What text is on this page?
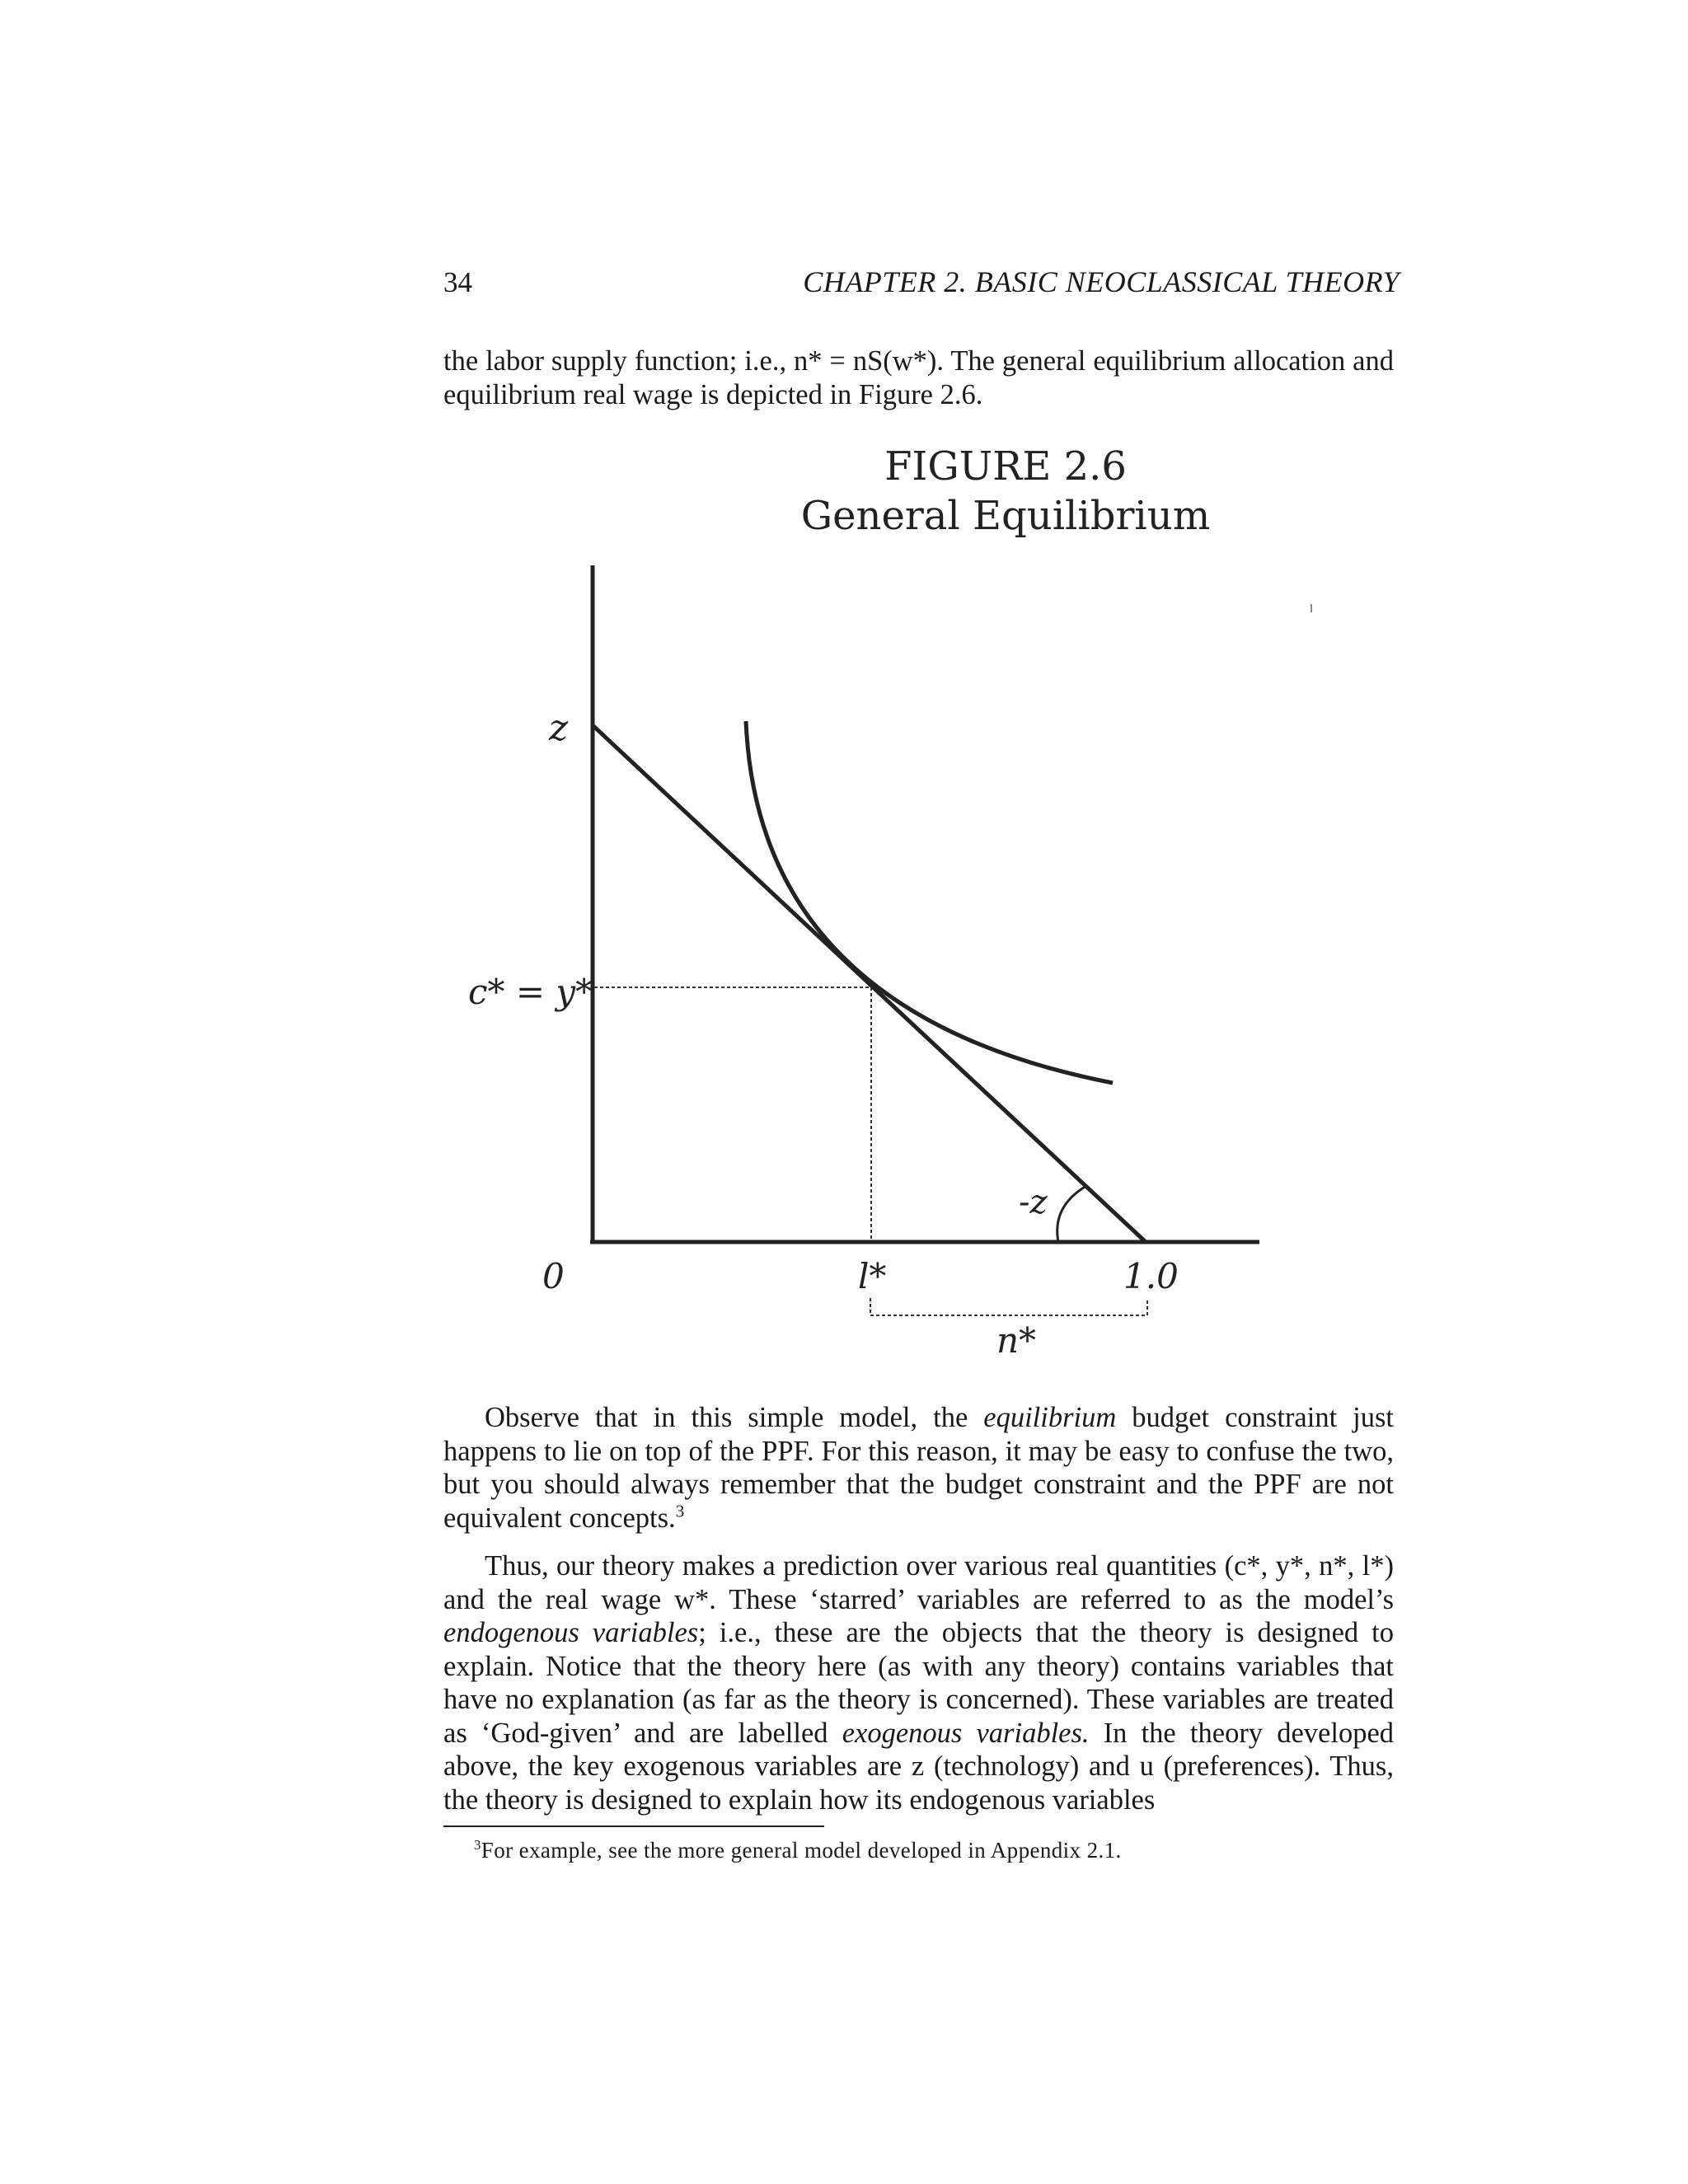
34	CHAPTER 2. BASIC NEOCLASSICAL THEORY

the labor supply function; i.e., n* = nS(w*). The general equilibrium allocation and equilibrium real wage is depicted in Figure 2.6.

FIGURE 2.6
General Equilibrium
z
c* = y*
0	l*	1.0
n*
-z

Observe that in this simple model, the equilibrium budget constraint just happens to lie on top of the PPF. For this reason, it may be easy to confuse the two, but you should always remember that the budget constraint and the PPF are not equivalent concepts.$^3$

Thus, our theory makes a prediction over various real quantities (c*, y*, n*, l*) and the real wage w*. These ‘starred’ variables are referred to as the model’s endogenous variables; i.e., these are the objects that the theory is designed to explain. Notice that the theory here (as with any theory) contains variables that have no explanation (as far as the theory is concerned). These variables are treated as ‘God-given’ and are labelled exogenous variables. In the theory developed above, the key exogenous variables are z (technology) and u (preferences). Thus, the theory is designed to explain how its endogenous variables

$^3$For example, see the more general model developed in Appendix 2.1.
